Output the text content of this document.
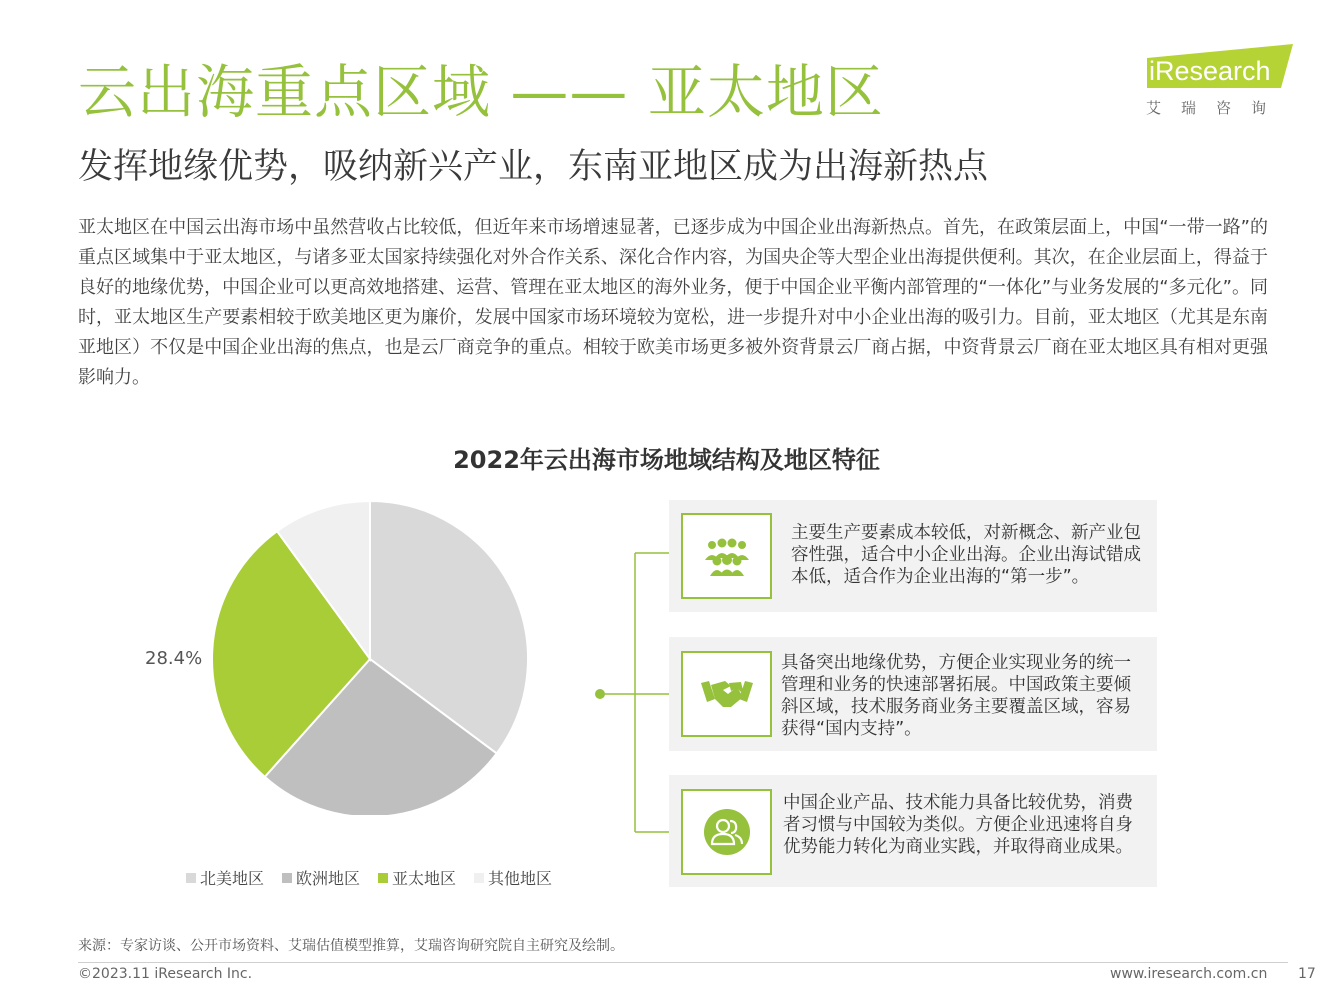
云出海重点区域 —— 亚太地区
发挥地缘优势，吸纳新兴产业，东南亚地区成为出海新热点
iResearch
艾瑞咨询
亚太地区在中国云出海市场中虽然营收占比较低，但近年来市场增速显著，已逐步成为中国企业出海新热点。首先，在政策层面上，中国“一带一路”的重点区域集中于亚太地区，与诸多亚太国家持续强化对外合作关系、深化合作内容，为国央企等大型企业出海提供便利。其次，在企业层面上，得益于良好的地缘优势，中国企业可以更高效地搭建、运营、管理在亚太地区的海外业务，便于中国企业平衡内部管理的“一体化”与业务发展的“多元化”。同时，亚太地区生产要素相较于欧美地区更为廉价，发展中国家市场环境较为宽松，进一步提升对中小企业出海的吸引力。目前，亚太地区（尤其是东南亚地区）不仅是中国企业出海的焦点，也是云厂商竞争的重点。相较于欧美市场更多被外资背景云厂商占据，中资背景云厂商在亚太地区具有相对更强影响力。
2022年云出海市场地域结构及地区特征
28.4%
北美地区 欧洲地区 亚太地区 其他地区
主要生产要素成本较低，对新概念、新产业包容性强，适合中小企业出海。企业出海试错成本低，适合作为企业出海的“第一步”。
具备突出地缘优势，方便企业实现业务的统一管理和业务的快速部署拓展。中国政策主要倾斜区域，技术服务商业务主要覆盖区域，容易获得“国内支持”。
中国企业产品、技术能力具备比较优势，消费者习惯与中国较为类似。方便企业迅速将自身优势能力转化为商业实践，并取得商业成果。
来源：专家访谈、公开市场资料、艾瑞估值模型推算，艾瑞咨询研究院自主研究及绘制。
©2023.11 iResearch Inc.	www.iresearch.com.cn 17
